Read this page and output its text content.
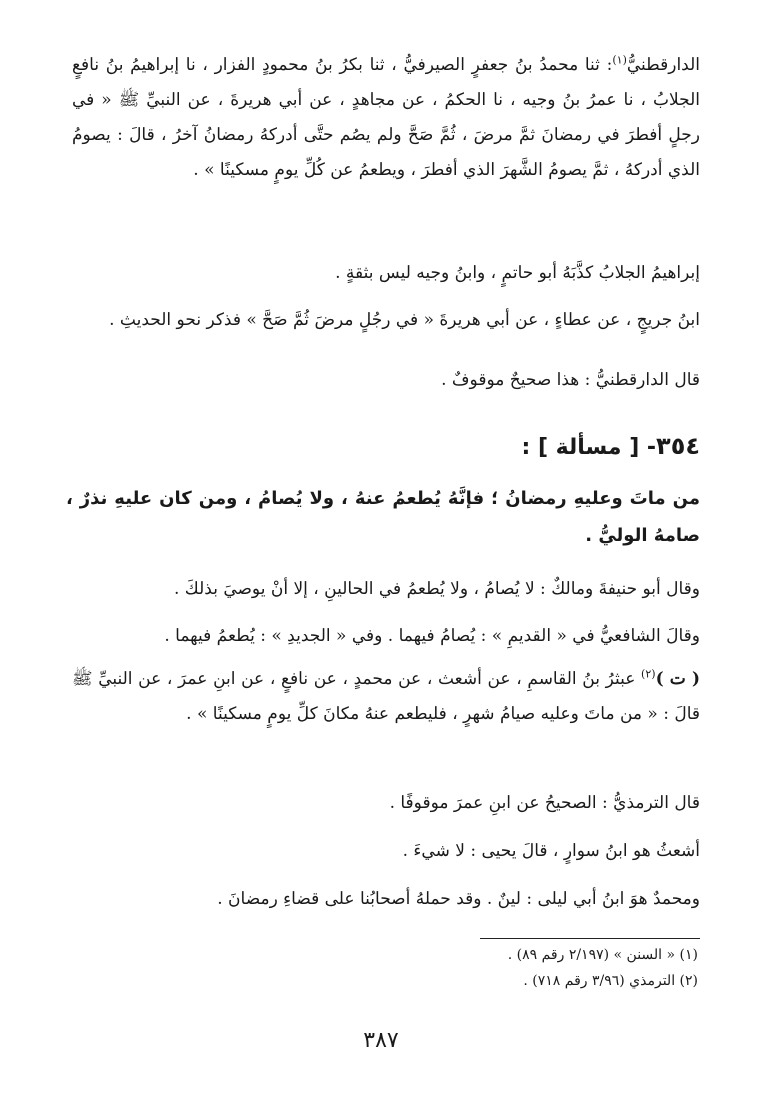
الدارقطنيُّ$^{(١)}$: ثنا محمدُ بنُ جعفرٍ الصيرفيُّ ، ثنا بكرُ بنُ محمودٍ الفزار ، نا إبراهيمُ بنُ نافعٍ الجلابُ ، نا عمرُ بنُ وجيه ، نا الحكمُ ، عن مجاهدٍ ، عن أبي هريرةَ ، عن النبيِّ ﷺ « في رجلٍ أفطرَ في رمضانَ ثمَّ مرضَ ، ثُمَّ صَحَّ ولم يصُم حتَّى أدركهُ رمضانُ آخرُ ، قالَ : يصومُ الذي أدركهُ ، ثمَّ يصومُ الشَّهرَ الذي أفطرَ ، ويطعمُ عن كُلِّ يومٍ مسكينًا » .

إبراهيمُ الجلابُ كذَّبَهُ أبو حاتمٍ ، وابنُ وجيه ليس بثقةٍ .

ابنُ جريجٍ ، عن عطاءٍ ، عن أبي هريرةَ « في رجُلٍ مرضَ ثُمَّ صَحَّ » فذكر نحو الحديثِ .

قال الدارقطنيُّ : هذا صحيحٌ موقوفٌ .

٣٥٤- [ مسألة ] :

من ماتَ وعليهِ رمضانُ ؛ فإنَّهُ يُطعمُ عنهُ ، ولا يُصامُ ، ومن كان عليهِ نذرٌ ، صامهُ الوليُّ .

وقال أبو حنيفةَ ومالكٌ : لا يُصامُ ، ولا يُطعمُ في الحالينِ ، إلا أنْ يوصيَ بذلكَ .

وقالَ الشافعيُّ في « القديمِ » : يُصامُ فيهما . وفي « الجديدِ » : يُطعمُ فيهما .

( ت )$^{(٢)}$ عبثرُ بنُ القاسمِ ، عن أشعث ، عن محمدٍ ، عن نافعٍ ، عن ابنِ عمرَ ، عن النبيِّ ﷺ قالَ : « من ماتَ وعليه صيامُ شهرٍ ، فليطعم عنهُ مكانَ كلِّ يومٍ مسكينًا » .

قال الترمذيُّ : الصحيحُ عن ابنِ عمرَ موقوفًا .

أشعثُ هو ابنُ سوارٍ ، قالَ يحيى : لا شيءَ .

ومحمدٌ هوَ ابنُ أبي ليلى : لينٌ . وقد حملهُ أصحابُنا على قضاءِ رمضانَ .

(١) « السنن » (٢/١٩٧ رقم ٨٩) .

(٢) الترمذي (٣/٩٦ رقم ٧١٨) .

٣٨٧
